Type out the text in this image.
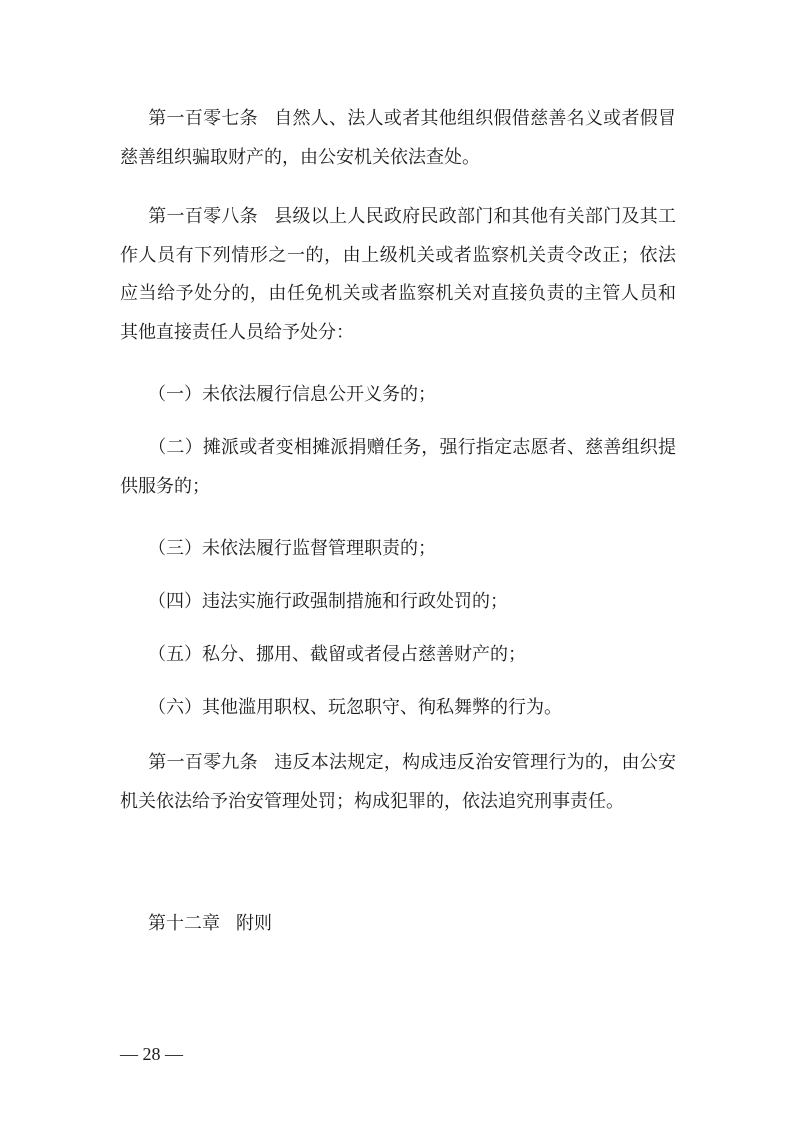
第一百零七条 自然人、法人或者其他组织假借慈善名义或者假冒慈善组织骗取财产的，由公安机关依法查处。

第一百零八条 县级以上人民政府民政部门和其他有关部门及其工作人员有下列情形之一的，由上级机关或者监察机关责令改正；依法应当给予处分的，由任免机关或者监察机关对直接负责的主管人员和其他直接责任人员给予处分：

（一）未依法履行信息公开义务的；

（二）摊派或者变相摊派捐赠任务，强行指定志愿者、慈善组织提供服务的；

（三）未依法履行监督管理职责的；

（四）违法实施行政强制措施和行政处罚的；

（五）私分、挪用、截留或者侵占慈善财产的；

（六）其他滥用职权、玩忽职守、徇私舞弊的行为。

第一百零九条 违反本法规定，构成违反治安管理行为的，由公安机关依法给予治安管理处罚；构成犯罪的，依法追究刑事责任。

第十二章 附则

— 28 —
